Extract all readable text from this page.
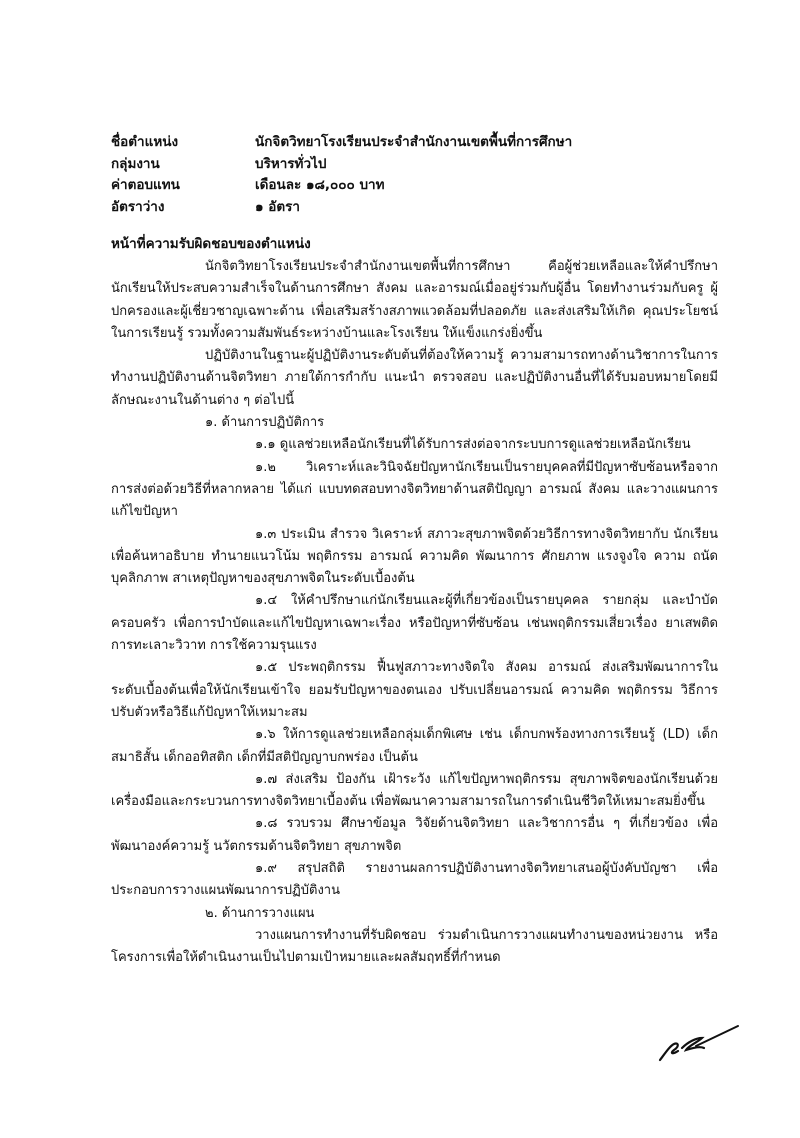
ชื่อตำแหน่ง	นักจิตวิทยาโรงเรียนประจำสำนักงานเขตพื้นที่การศึกษา
กลุ่มงาน	บริหารทั่วไป
ค่าตอบแทน	เดือนละ ๑๘,๐๐๐ บาท
อัตราว่าง	๑ อัตรา
หน้าที่ความรับผิดชอบของตำแหน่ง

นักจิตวิทยาโรงเรียนประจำสำนักงานเขตพื้นที่การศึกษา คือผู้ช่วยเหลือและให้คำปรึกษานักเรียนให้ประสบความสำเร็จในด้านการศึกษา สังคม และอารมณ์เมื่ออยู่ร่วมกับผู้อื่น โดยทำงานร่วมกับครู ผู้ปกครองและผู้เชี่ยวชาญเฉพาะด้าน เพื่อเสริมสร้างสภาพแวดล้อมที่ปลอดภัย และส่งเสริมให้เกิด คุณประโยชน์ในการเรียนรู้ รวมทั้งความสัมพันธ์ระหว่างบ้านและโรงเรียน ให้แข็งแกร่งยิ่งขึ้น

ปฏิบัติงานในฐานะผู้ปฏิบัติงานระดับต้นที่ต้องให้ความรู้ ความสามารถทางด้านวิชาการในการ ทำงานปฏิบัติงานด้านจิตวิทยา ภายใต้การกำกับ แนะนำ ตรวจสอบ และปฏิบัติงานอื่นที่ได้รับมอบหมายโดยมี ลักษณะงานในด้านต่าง ๆ ต่อไปนี้

๑. ด้านการปฏิบัติการ

๑.๑ ดูแลช่วยเหลือนักเรียนที่ได้รับการส่งต่อจากระบบการดูแลช่วยเหลือนักเรียน

๑.๒ วิเคราะห์และวินิจฉัยปัญหานักเรียนเป็นรายบุคคลที่มีปัญหาซับซ้อนหรือจาก การส่งต่อด้วยวิธีที่หลากหลาย ได้แก่ แบบทดสอบทางจิตวิทยาด้านสติปัญญา อารมณ์ สังคม และวางแผนการ แก้ไขปัญหา

๑.๓ ประเมิน สำรวจ วิเคราะห์ สภาวะสุขภาพจิตด้วยวิธีการทางจิตวิทยากับ นักเรียน เพื่อค้นหาอธิบาย ทำนายแนวโน้ม พฤติกรรม อารมณ์ ความคิด พัฒนาการ ศักยภาพ แรงจูงใจ ความ ถนัด บุคลิกภาพ สาเหตุปัญหาของสุขภาพจิตในระดับเบื้องต้น

๑.๔ ให้คำปรึกษาแก่นักเรียนและผู้ที่เกี่ยวข้องเป็นรายบุคคล รายกลุ่ม และบำบัด ครอบครัว เพื่อการบำบัดและแก้ไขปัญหาเฉพาะเรื่อง หรือปัญหาที่ซับซ้อน เช่นพฤติกรรมเสี่ยวเรื่อง ยาเสพติด การทะเลาะวิวาท การใช้ความรุนแรง

๑.๕ ประพฤติกรรม ฟื้นฟูสภาวะทางจิตใจ สังคม อารมณ์ ส่งเสริมพัฒนาการใน ระดับเบื้องต้นเพื่อให้นักเรียนเข้าใจ ยอมรับปัญหาของตนเอง ปรับเปลี่ยนอารมณ์ ความคิด พฤติกรรม วิธีการ ปรับตัวหรือวิธีแก้ปัญหาให้เหมาะสม

๑.๖ ให้การดูแลช่วยเหลือกลุ่มเด็กพิเศษ เช่น เด็กบกพร้องทางการเรียนรู้ (LD) เด็ก สมาธิสั้น เด็กออทิสติก เด็กที่มีสติปัญญาบกพร่อง เป็นต้น

๑.๗ ส่งเสริม ป้องกัน เฝ้าระวัง แก้ไขปัญหาพฤติกรรม สุขภาพจิตของนักเรียนด้วย เครื่องมือและกระบวนการทางจิตวิทยาเบื้องต้น เพื่อพัฒนาความสามารถในการดำเนินชีวิตให้เหมาะสมยิ่งขึ้น

๑.๘ รวบรวม ศึกษาข้อมูล วิจัยด้านจิตวิทยา และวิชาการอื่น ๆ ที่เกี่ยวข้อง เพื่อ พัฒนาองค์ความรู้ นวัตกรรมด้านจิตวิทยา สุขภาพจิต

๑.๙ สรุปสถิติ รายงานผลการปฏิบัติงานทางจิตวิทยาเสนอผู้บังคับบัญชา เพื่อ ประกอบการวางแผนพัฒนาการปฏิบัติงาน

๒. ด้านการวางแผน

วางแผนการทำงานที่รับผิดชอบ ร่วมดำเนินการวางแผนทำงานของหน่วยงาน หรือ โครงการเพื่อให้ดำเนินงานเป็นไปตามเป้าหมายและผลสัมฤทธิ์ที่กำหนด
